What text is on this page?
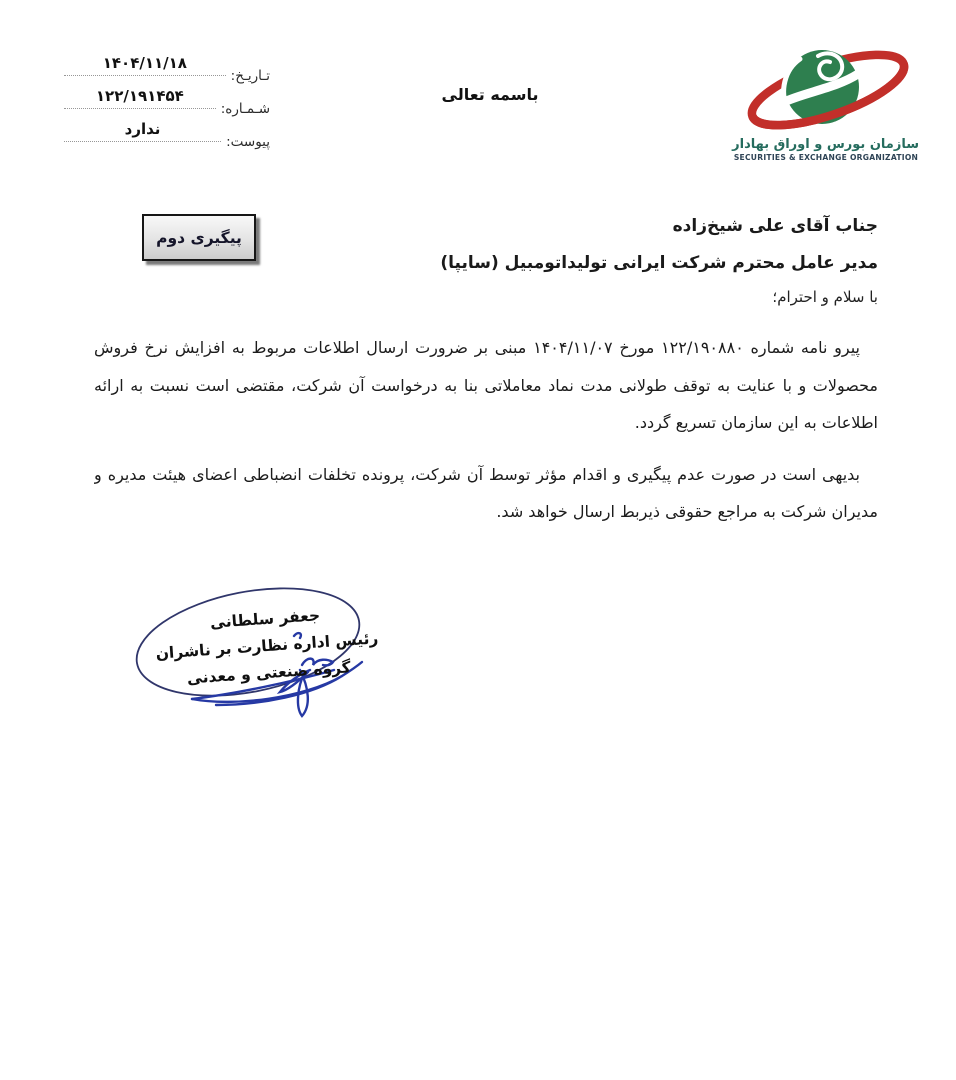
تـاریـخ:
۱۴۰۴/۱۱/۱۸
شـمـاره:
۱۲۲/۱۹۱۴۵۴
پیوست:
ندارد
باسمه تعالی
سازمان بورس و اوراق بهادار
SECURITIES & EXCHANGE ORGANIZATION
پیگیری دوم
جناب آقای علی شیخ‌زاده
مدیر عامل محترم شرکت ایرانی تولیداتومبیل (سایپا)
با سلام و احترام؛
پیرو نامه شماره ۱۲۲/۱۹۰۸۸۰ مورخ ۱۴۰۴/۱۱/۰۷ مبنی بر ضرورت ارسال اطلاعات مربوط به افزایش نرخ فروش
محصولات و با عنایت به توقف طولانی مدت نماد معاملاتی بنا به درخواست آن شرکت، مقتضی است نسبت به ارائه
اطلاعات به این سازمان تسریع گردد.
بدیهی است در صورت عدم پیگیری و اقدام مؤثر توسط آن شرکت، پرونده تخلفات انضباطی اعضای هیئت مدیره و
مدیران شرکت به مراجع حقوقی ذیربط ارسال خواهد شد.
جعفر سلطانی
رئیس اداره نظارت بر ناشران
گروه صنعتی و معدنی
